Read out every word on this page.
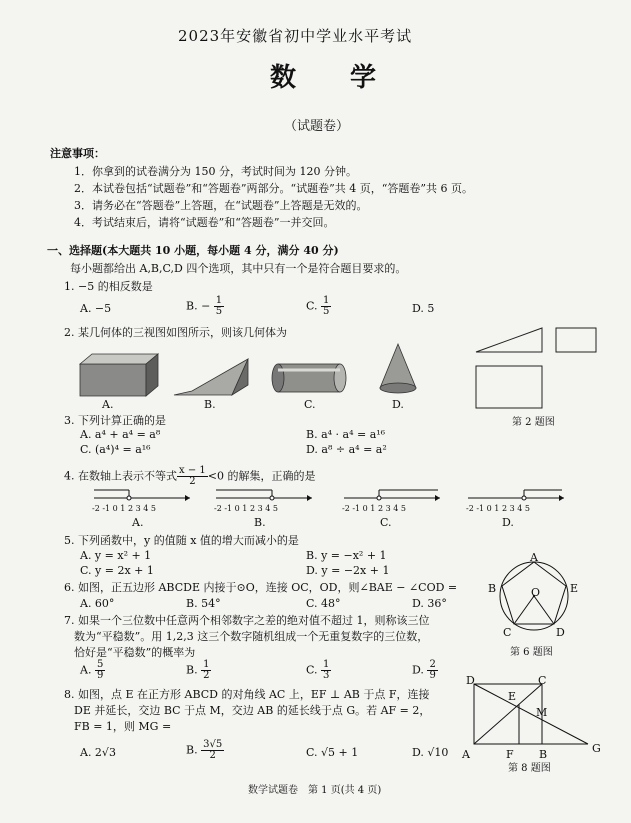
2023年安徽省初中学业水平考试
数　学
（试题卷）
注意事项：
1．你拿到的试卷满分为 150 分，考试时间为 120 分钟。
2．本试卷包括“试题卷”和“答题卷”两部分。“试题卷”共 4 页，“答题卷”共 6 页。
3．请务必在“答题卷”上答题，在“试题卷”上答题是无效的。
4．考试结束后，请将“试题卷”和“答题卷”一并交回。
一、选择题(本大题共 10 小题，每小题 4 分，满分 40 分)
每小题都给出 A,B,C,D 四个选项，其中只有一个是符合题目要求的。
1. −5 的相反数是
A. −5	B. − $\frac{1}{5}$	C. $\frac{1}{5}$	D. 5
2. 某几何体的三视图如图所示，则该几何体为
A.	B.	C.	D.
第 2 题图
3. 下列计算正确的是
A. a⁴ + a⁴ = a⁸	B. a⁴ · a⁴ = a¹⁶
C. (a⁴)⁴ = a¹⁶	D. a⁸ ÷ a⁴ = a²
4. 在数轴上表示不等式 $\frac{x - 1}{2} <0$ 的解集，正确的是
-2 -1 0 1 2 3 4 5	-2 -1 0 1 2 3 4 5	-2 -1 0 1 2 3 4 5	-2 -1 0 1 2 3 4 5
A.	B.	C.	D.
5. 下列函数中，y 的值随 x 值的增大而减小的是
A. y = x² + 1	B. y = −x² + 1
C. y = 2x + 1	D. y = −2x + 1
6. 如图，正五边形 ABCDE 内接于⊙O，连接 OC，OD，则∠BAE − ∠COD =
A. 60°	B. 54°	C. 48°	D. 36°
A
B
C	D
E
O
第 6 题图
7. 如果一个三位数中任意两个相邻数字之差的绝对值不超过 1，则称该三位
数为“平稳数”。用 1,2,3 这三个数字随机组成一个无重复数字的三位数，
恰好是“平稳数”的概率为
A. $\frac{5}{9}$	B. $\frac{1}{2}$	C. $\frac{1}{3}$	D. $\frac{2}{9}$
8. 如图，点 E 在正方形 ABCD 的对角线 AC 上，EF ⊥ AB 于点 F，连接
DE 并延长，交边 BC 于点 M，交边 AB 的延长线于点 G。若 AF = 2，
FB = 1，则 MG =
A. 2√3	B. $\frac{3√5}{2}$	C. √5 + 1	D. √10
D	C
E
M
A	F B	G
第 8 题图
数学试题卷　第 1 页(共 4 页)
